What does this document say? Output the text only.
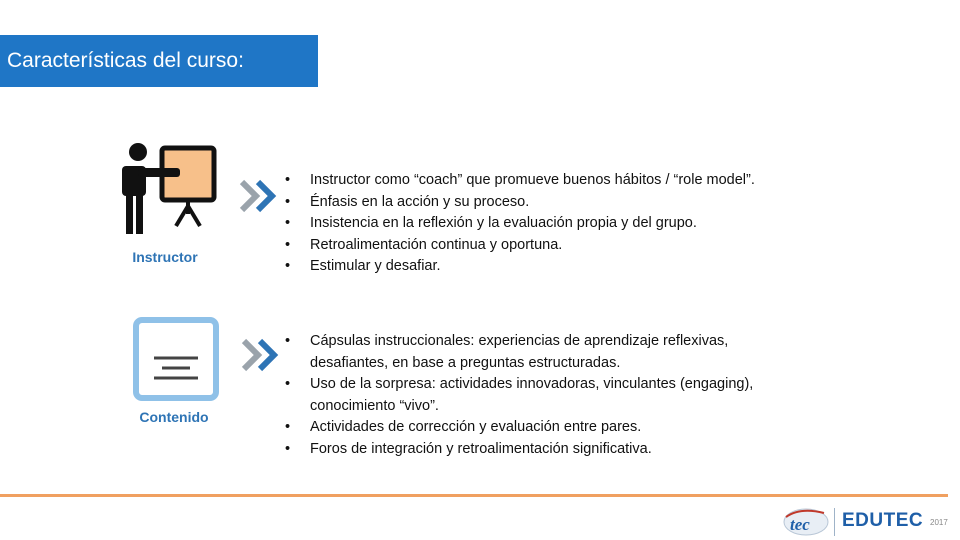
Características del curso:
Instructor
• Instructor como “coach” que promueve buenos hábitos / “role model”.
• Énfasis en la acción y su proceso.
• Insistencia en la reflexión y la evaluación propia y del grupo.
• Retroalimentación continua y oportuna.
• Estimular y desafiar.
Contenido
• Cápsulas instruccionales: experiencias de aprendizaje reflexivas, desafiantes, en base a preguntas estructuradas.
• Uso de la sorpresa: actividades innovadoras, vinculantes (engaging), conocimiento “vivo”.
• Actividades de corrección y evaluación entre pares.
• Foros de integración y retroalimentación significativa.
tec EDUTEC 2017
